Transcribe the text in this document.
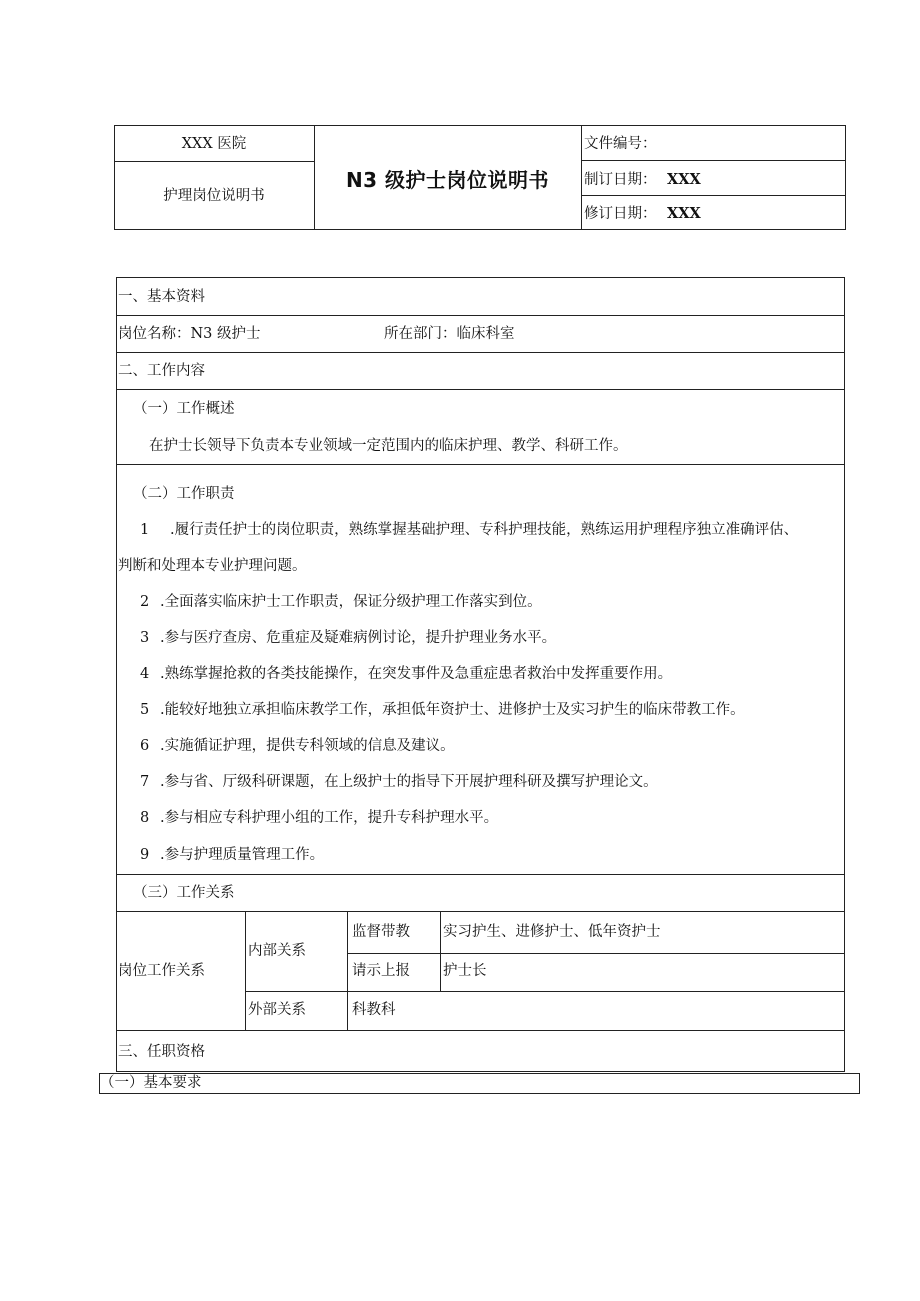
XXX 医院
护理岗位说明书
N3 级护士岗位说明书
文件编号：
制订日期： XXX
修订日期： XXX
一、基本资料
岗位名称：N3 级护士	所在部门：临床科室
二、工作内容
（一）工作概述
在护士长领导下负责本专业领域一定范围内的临床护理、教学、科研工作。
（二）工作职责
1 .履行责任护士的岗位职责，熟练掌握基础护理、专科护理技能，熟练运用护理程序独立准确评估、
判断和处理本专业护理问题。
2 .全面落实临床护士工作职责，保证分级护理工作落实到位。
3 .参与医疗查房、危重症及疑难病例讨论，提升护理业务水平。
4 .熟练掌握抢救的各类技能操作，在突发事件及急重症患者救治中发挥重要作用。
5 .能较好地独立承担临床教学工作，承担低年资护士、进修护士及实习护生的临床带教工作。
6 .实施循证护理，提供专科领域的信息及建议。
7 .参与省、厅级科研课题，在上级护士的指导下开展护理科研及撰写护理论文。
8 .参与相应专科护理小组的工作，提升专科护理水平。
9 .参与护理质量管理工作。
（三）工作关系
岗位工作关系
内部关系
监督带教 实习护生、进修护士、低年资护士
请示上报 护士长
外部关系	科教科
三、任职资格
（一）基本要求
